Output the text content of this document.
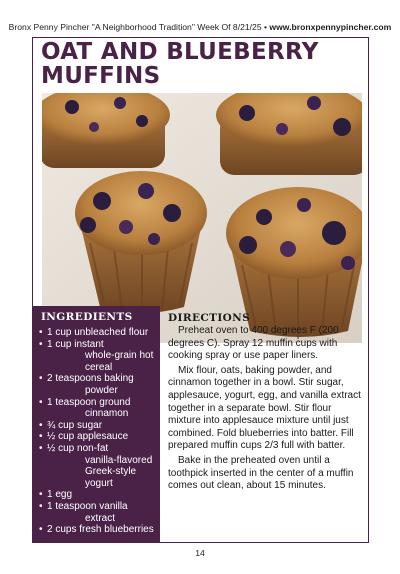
Bronx Penny Pincher "A Neighborhood Tradition" Week Of 8/21/25 • www.bronxpennypincher.com
OAT AND BLUEBERRY MUFFINS
INGREDIENTS
• 1 cup unbleached flour
• 1 cup instant
whole-grain hot cereal
• 2 teaspoons baking
powder
• 1 teaspoon ground
cinnamon
• ¾ cup sugar
• ½ cup applesauce
• ½ cup non-fat
vanilla-flavored Greek-style yogurt
• 1 egg
• 1 teaspoon vanilla
extract
• 2 cups fresh blueberries
DIRECTIONS

Preheat oven to 400 degrees F (200 degrees C). Spray 12 muffin cups with cooking spray or use paper liners.

Mix flour, oats, baking powder, and cinnamon together in a bowl. Stir sugar, applesauce, yogurt, egg, and vanilla extract together in a separate bowl. Stir flour mixture into applesauce mixture until just combined. Fold blueberries into batter. Fill prepared muffin cups 2/3 full with batter.

Bake in the preheated oven until a toothpick inserted in the center of a muffin comes out clean, about 15 minutes.

14
